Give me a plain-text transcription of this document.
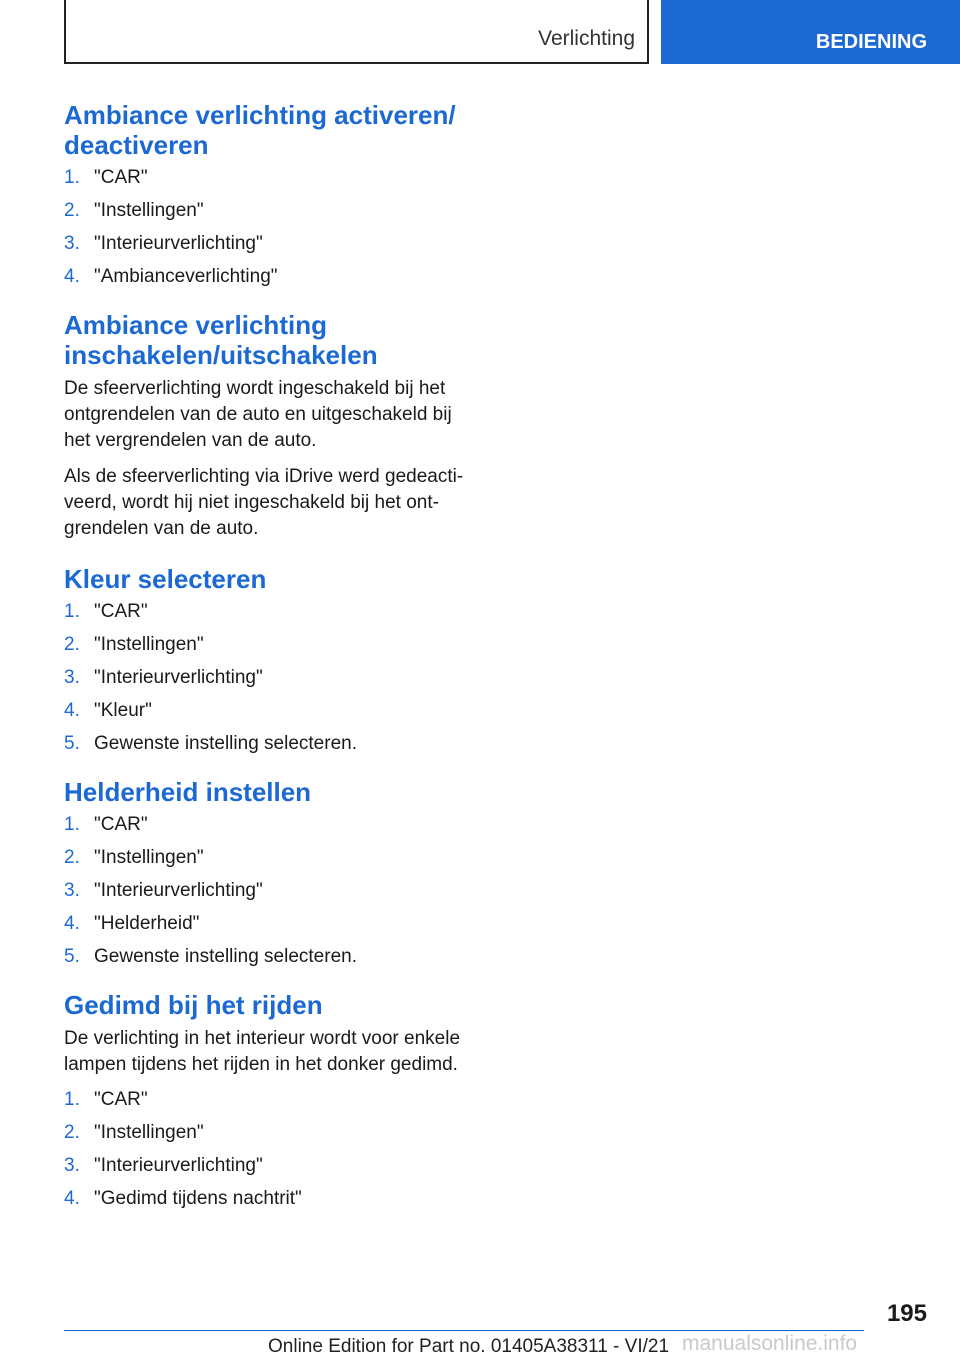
Verlichting	BEDIENING
Ambiance verlichting activeren/ deactiveren
1. "CAR"
2. "Instellingen"
3. "Interieurverlichting"
4. "Ambianceverlichting"
Ambiance verlichting inschakelen/uitschakelen

De sfeerverlichting wordt ingeschakeld bij het ontgrendelen van de auto en uitgeschakeld bij het vergrendelen van de auto.

Als de sfeerverlichting via iDrive werd gedeacti-veerd, wordt hij niet ingeschakeld bij het ont-grendelen van de auto.

Kleur selecteren
1. "CAR"
2. "Instellingen"
3. "Interieurverlichting"
4. "Kleur"
5. Gewenste instelling selecteren.
Helderheid instellen
1. "CAR"
2. "Instellingen"
3. "Interieurverlichting"
4. "Helderheid"
5. Gewenste instelling selecteren.
Gedimd bij het rijden

De verlichting in het interieur wordt voor enkele lampen tijdens het rijden in het donker gedimd.

1. "CAR"
2. "Instellingen"
3. "Interieurverlichting"
4. "Gedimd tijdens nachtrit"
195
Online Edition for Part no. 01405A38311 - VI/21 manualsonline.info
